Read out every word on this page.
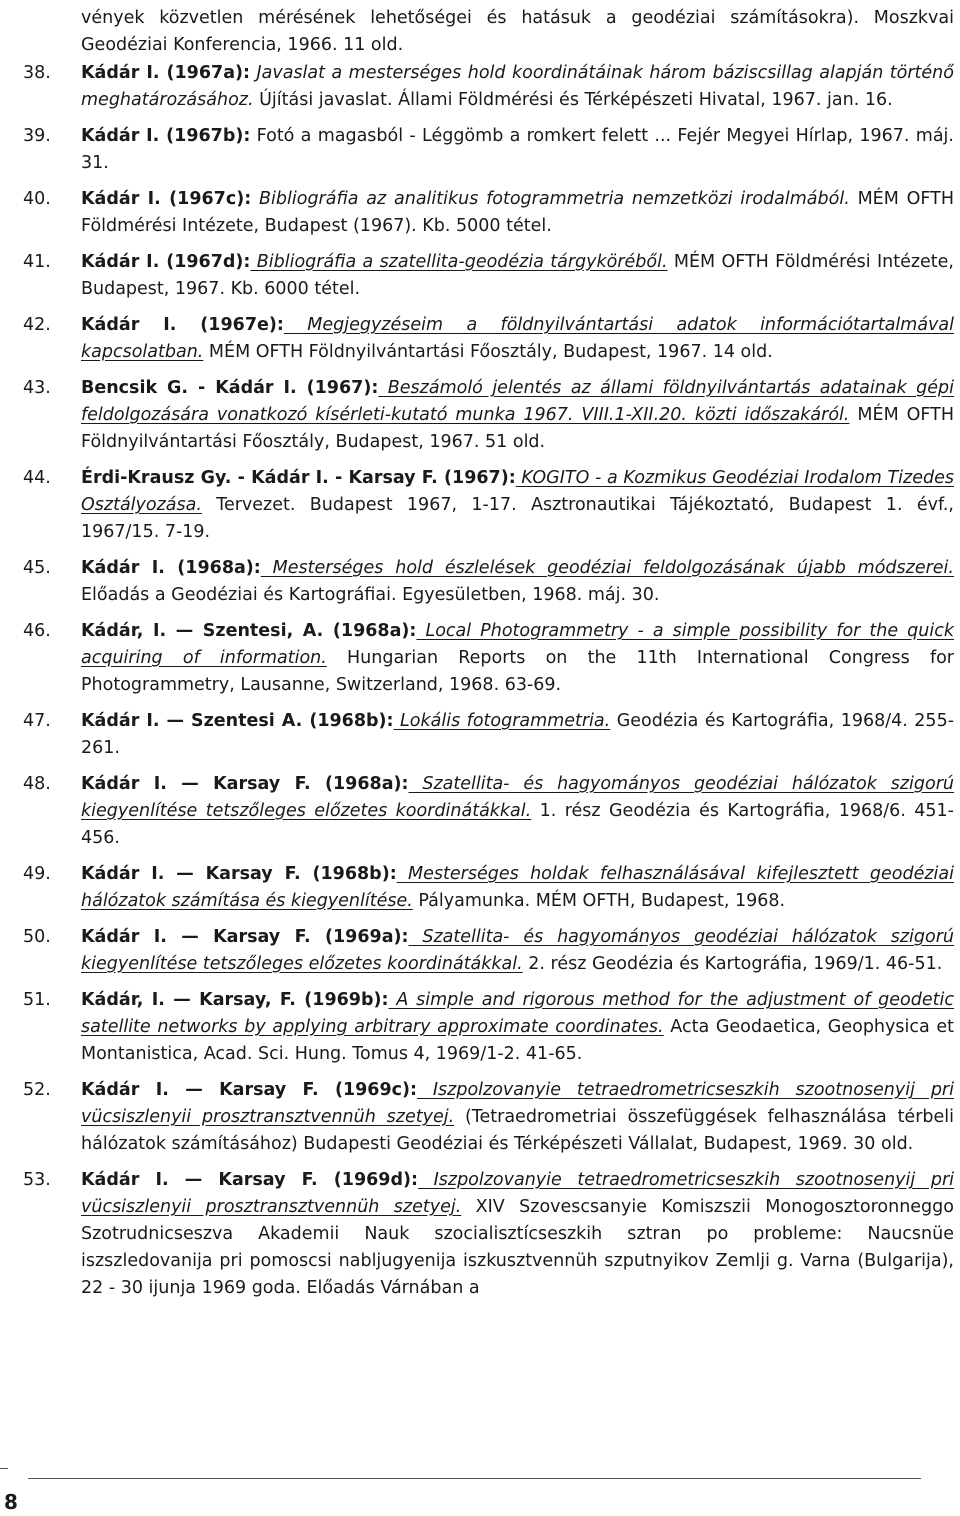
vények közvetlen mérésének lehetőségei és hatásuk a geodéziai számításokra). Moszkvai Geodéziai Konferencia, 1966. 11 old.
38.	Kádár I. (1967a): Javaslat a mesterséges hold koordinátáinak három báziscsillag alapján történő meghatározásához. Újítási javaslat. Állami Földmérési és Térképészeti Hivatal, 1967. jan. 16.
39.	Kádár I. (1967b): Fotó a magasból - Léggömb a romkert felett ... Fejér Megyei Hírlap, 1967. máj. 31.
40.	Kádár I. (1967c): Bibliográfia az analitikus fotogrammetria nemzetközi irodalmából. MÉM OFTH Földmérési Intézete, Budapest (1967). Kb. 5000 tétel.
41.	Kádár I. (1967d): Bibliográfia a szatellita-geodézia tárgyköréből. MÉM OFTH Földmérési Intézete, Budapest, 1967. Kb. 6000 tétel.
42.	Kádár I. (1967e): Megjegyzéseim a földnyilvántartási adatok információtartalmával kapcsolatban. MÉM OFTH Földnyilvántartási Főosztály, Budapest, 1967. 14 old.
43.	Bencsik G. - Kádár I. (1967): Beszámoló jelentés az állami földnyilvántartás adatainak gépi feldolgozására vonatkozó kísérleti-kutató munka 1967. VIII.1-XII.20. közti időszakáról. MÉM OFTH Földnyilvántartási Főosztály, Budapest, 1967. 51 old.
44.	Érdi-Krausz Gy. - Kádár I. - Karsay F. (1967): KOGITO - a Kozmikus Geodéziai Irodalom Tizedes Osztályozása. Tervezet. Budapest 1967, 1-17. Asztronautikai Tájékoztató, Budapest 1. évf., 1967/15. 7-19.
45.	Kádár I. (1968a): Mesterséges hold észlelések geodéziai feldolgozásának újabb módszerei. Előadás a Geodéziai és Kartográfiai. Egyesületben, 1968. máj. 30.
46.	Kádár, I. — Szentesi, A. (1968a): Local Photogrammetry - a simple possibility for the quick acquiring of information. Hungarian Reports on the 11th International Congress for Photogrammetry, Lausanne, Switzerland, 1968. 63-69.
47.	Kádár I. — Szentesi A. (1968b): Lokális fotogrammetria. Geodézia és Kartográfia, 1968/4. 255-261.
48.	Kádár I. — Karsay F. (1968a): Szatellita- és hagyományos geodéziai hálózatok szigorú kiegyenlítése tetszőleges előzetes koordinátákkal. 1. rész Geodézia és Kartográfia, 1968/6. 451-456.
49.	Kádár I. — Karsay F. (1968b): Mesterséges holdak felhasználásával kifejlesztett geodéziai hálózatok számítása és kiegyenlítése. Pályamunka. MÉM OFTH, Budapest, 1968.
50.	Kádár I. — Karsay F. (1969a): Szatellita- és hagyományos geodéziai hálózatok szigorú kiegyenlítése tetszőleges előzetes koordinátákkal. 2. rész Geodézia és Kartográfia, 1969/1. 46-51.
51.	Kádár, I. — Karsay, F. (1969b): A simple and rigorous method for the adjustment of geodetic satellite networks by applying arbitrary approximate coordinates. Acta Geodaetica, Geophysica et Montanistica, Acad. Sci. Hung. Tomus 4, 1969/1-2. 41-65.
52.	Kádár I. — Karsay F. (1969c): Iszpolzovanyie tetraedrometricseszkih szootnosenyij pri vücsiszlenyii prosztransztvennüh szetyej. (Tetraedrometriai összefüggések felhasználása térbeli hálózatok számításához) Budapesti Geodéziai és Térképészeti Vállalat, Budapest, 1969. 30 old.
53.	Kádár I. — Karsay F. (1969d): Iszpolzovanyie tetraedrometricseszkih szootnosenyij pri vücsiszlenyii prosztransztvennüh szetyej. XIV Szovescsanyie Komiszszii Monogosztoronneggo Szotrudnicseszva Akademii Nauk szocialisztícseszkih sztran po probleme: Naucsnüe iszszledovanija pri pomoscsi nabljugyenija iszkusztvennüh szputnyikov Zemlji g. Varna (Bulgarija), 22 - 30 ijunja 1969 goda. Előadás Várnában a
8
